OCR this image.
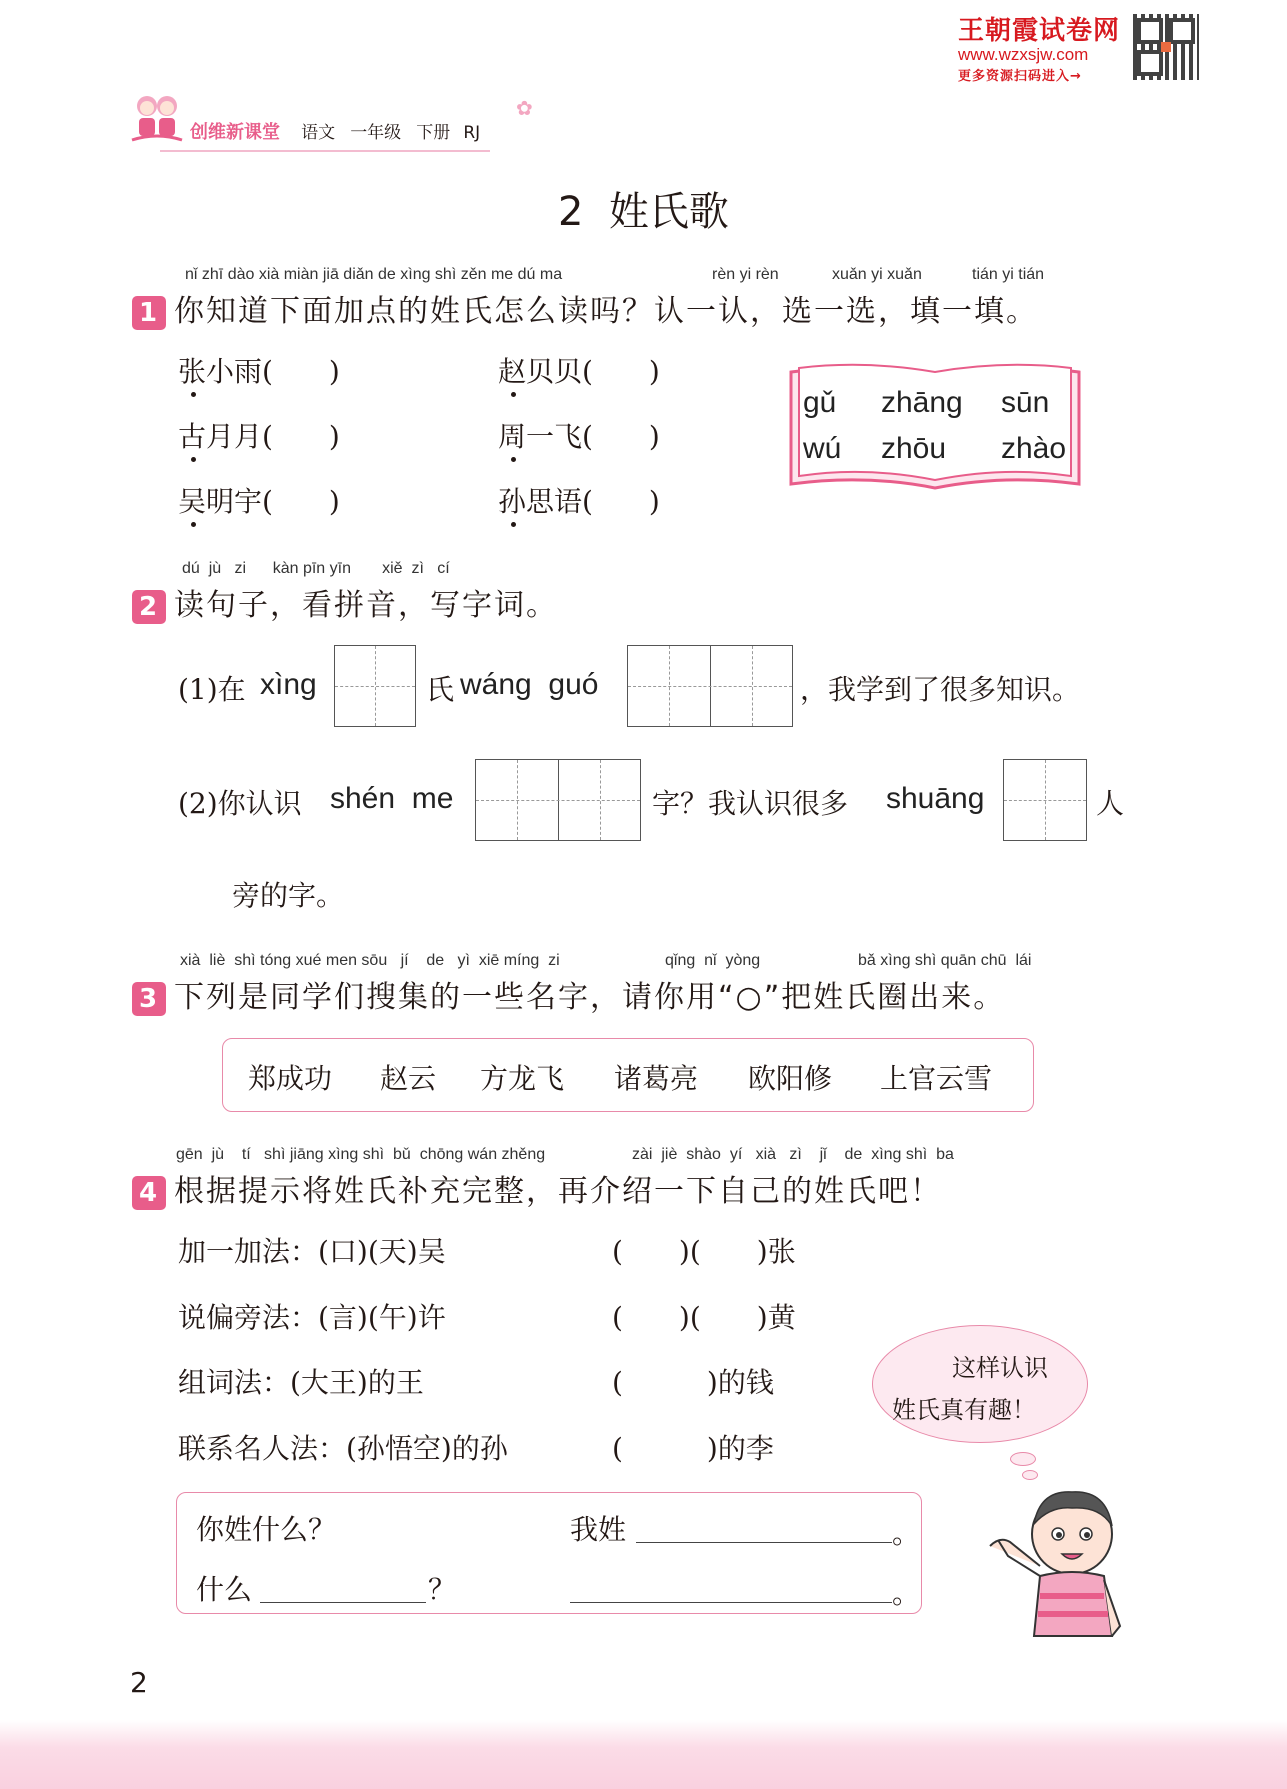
王朝霞试卷网
www.wzxsjw.com
更多资源扫码进入→
创维新课堂 语文 一年级 下册 RJ
✿
2  姓氏歌
nǐ zhī dào xià miàn jiā diǎn de xìng shì zěn me dú ma	rèn yi rèn	xuǎn yi xuǎn	tián yi tián
1 你知道下面加点的姓氏怎么读吗？认一认，选一选，填一填。
张小雨(　　)	赵贝贝(　　)
古月月(　　)	周一飞(　　)
吴明宇(　　)	孙思语(　　)
gǔ zhāng sūn
wú zhōu zhào
dú  jù   zi      kàn pīn yīn       xiě  zì   cí
2 读句子，看拼音，写字词。
(1)在 xìng	氏 wáng  guó	，我学到了很多知识。
(2)你认识 shén  me	字？我认识很多 shuāng	人
旁的字。
xià  liè  shì tóng xué men sōu   jí    de   yì  xiē míng  zi	qǐng  nǐ  yòng	bǎ xìng shì quān chū  lái
3 下列是同学们搜集的一些名字，请你用“○”把姓氏圈出来。
郑成功 赵云 方龙飞 诸葛亮 欧阳修 上官云雪
gēn  jù    tí   shì jiāng xìng shì  bǔ  chōng wán zhěng	zài  jiè  shào  yí   xià   zì    jǐ    de  xìng shì  ba
4 根据提示将姓氏补充完整，再介绍一下自己的姓氏吧！
加一加法：(口)(天)吴	(　　)(　　)张
说偏旁法：(言)(午)许	(　　)(　　)黄
组词法：(大王)的王	(　　　)的钱
联系名人法：(孙悟空)的孙	(　　　)的李
这样认识
姓氏真有趣！
你姓什么？	我姓	。
什么	？	。
2
